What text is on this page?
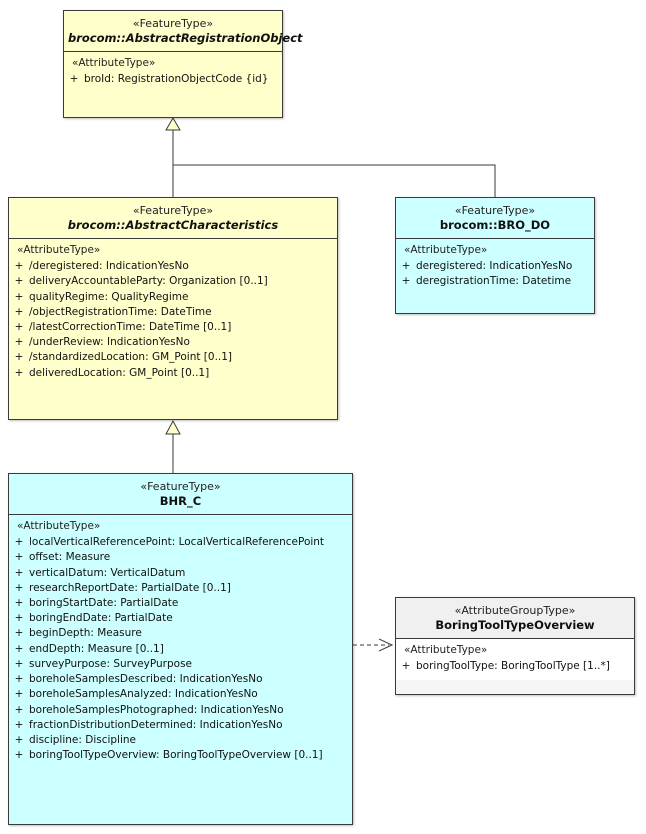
«FeatureType»
brocom::AbstractRegistrationObject
«AttributeType»
+ broId: RegistrationObjectCode {id}
«FeatureType»
brocom::AbstractCharacteristics
«AttributeType»
+ /deregistered: IndicationYesNo
+ deliveryAccountableParty: Organization [0..1]
+ qualityRegime: QualityRegime
+ /objectRegistrationTime: DateTime
+ /latestCorrectionTime: DateTime [0..1]
+ /underReview: IndicationYesNo
+ /standardizedLocation: GM_Point [0..1]
+ deliveredLocation: GM_Point [0..1]
«FeatureType»
brocom::BRO_DO
«AttributeType»
+ deregistered: IndicationYesNo
+ deregistrationTime: Datetime
«FeatureType»
BHR_C
«AttributeType»
+ localVerticalReferencePoint: LocalVerticalReferencePoint
+ offset: Measure
+ verticalDatum: VerticalDatum
+ researchReportDate: PartialDate [0..1]
+ boringStartDate: PartialDate
+ boringEndDate: PartialDate
+ beginDepth: Measure
+ endDepth: Measure [0..1]
+ surveyPurpose: SurveyPurpose
+ boreholeSamplesDescribed: IndicationYesNo
+ boreholeSamplesAnalyzed: IndicationYesNo
+ boreholeSamplesPhotographed: IndicationYesNo
+ fractionDistributionDetermined: IndicationYesNo
+ discipline: Discipline
+ boringToolTypeOverview: BoringToolTypeOverview [0..1]
«AttributeGroupType»
BoringToolTypeOverview
«AttributeType»
+ boringToolType: BoringToolType [1..*]
